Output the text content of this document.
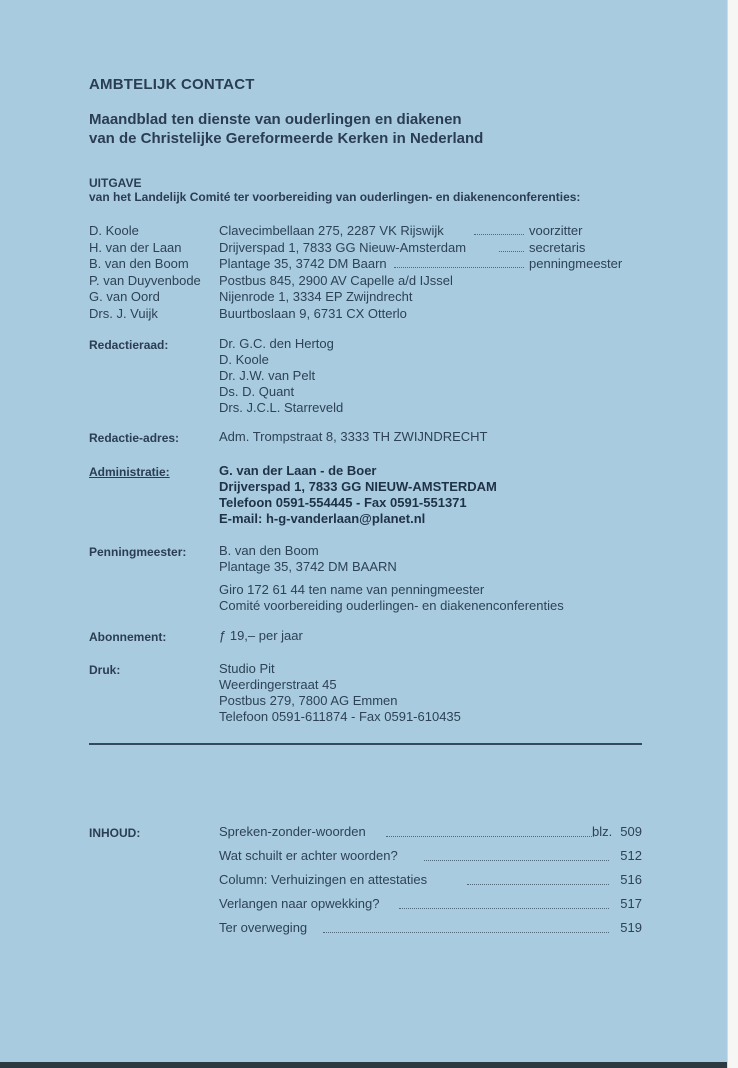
AMBTELIJK CONTACT
Maandblad ten dienste van ouderlingen en diakenen
van de Christelijke Gereformeerde Kerken in Nederland
UITGAVE
van het Landelijk Comité ter voorbereiding van ouderlingen- en diakenenconferenties:
D. Koole	Clavecimbellaan 275, 2287 VK Rijswijk	voorzitter
H. van der Laan	Drijverspad 1, 7833 GG Nieuw-Amsterdam	secretaris
B. van den Boom Plantage 35, 3742 DM Baarn	penningmeester
P. van Duyvenbode Postbus 845, 2900 AV Capelle a/d IJssel
G. van Oord	Nijenrode 1, 3334 EP Zwijndrecht
Drs. J. Vuijk	Buurtboslaan 9, 6731 CX Otterlo
Redactieraad:	Dr. G.C. den Hertog
D. Koole
Dr. J.W. van Pelt
Ds. D. Quant
Drs. J.C.L. Starreveld
Redactie-adres:	Adm. Trompstraat 8, 3333 TH ZWIJNDRECHT
Administratie:	G. van der Laan - de Boer
Drijverspad 1, 7833 GG NIEUW-AMSTERDAM
Telefoon 0591-554445 - Fax 0591-551371
E-mail: h-g-vanderlaan@planet.nl
Penningmeester:	B. van den Boom
Plantage 35, 3742 DM BAARN
Giro 172 61 44 ten name van penningmeester
Comité voorbereiding ouderlingen- en diakenenconferenties
Abonnement:	ƒ 19,– per jaar
Druk:	Studio Pit
Weerdingerstraat 45
Postbus 279, 7800 AG Emmen
Telefoon 0591-611874 - Fax 0591-610435
INHOUD:	Spreken-zonder-woorden	blz. 509
Wat schuilt er achter woorden?	512
Column: Verhuizingen en attestaties	516
Verlangen naar opwekking?	517
Ter overweging	519
